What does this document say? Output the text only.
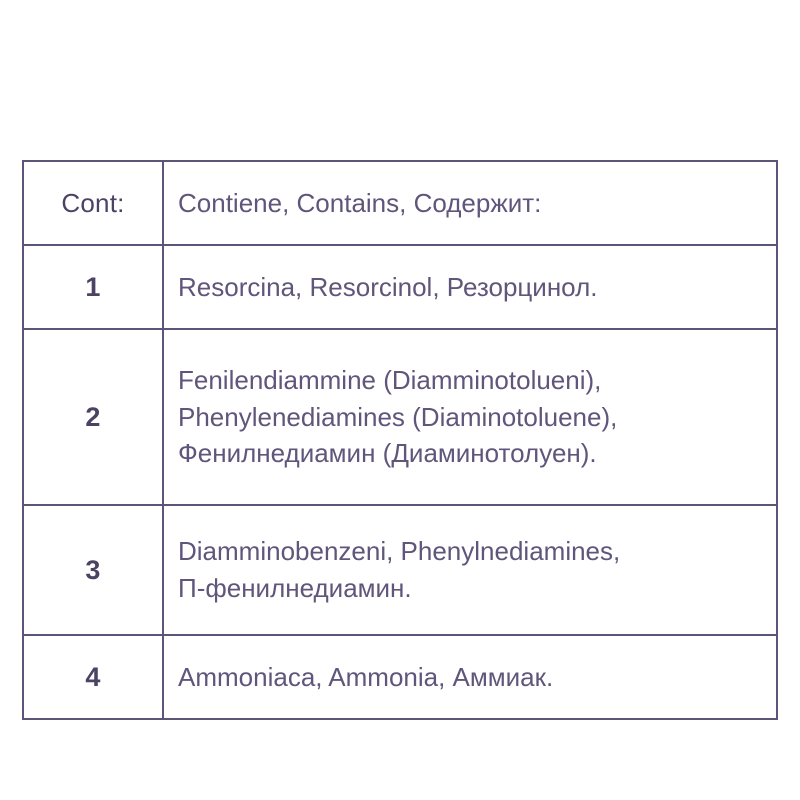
Cont:	Contiene, Contains, Содержит:

1	Resorcina, Resorcinol, Резорцинол.

2	Fenilendiammine (Diamminotolueni),
Phenylenediamines (Diaminotoluene),
Фенилнедиамин (Диаминотолуен).

3	Diamminobenzeni, Phenylnediamines,
П-фенилнедиамин.

4	Ammoniaca, Ammonia, Аммиак.
